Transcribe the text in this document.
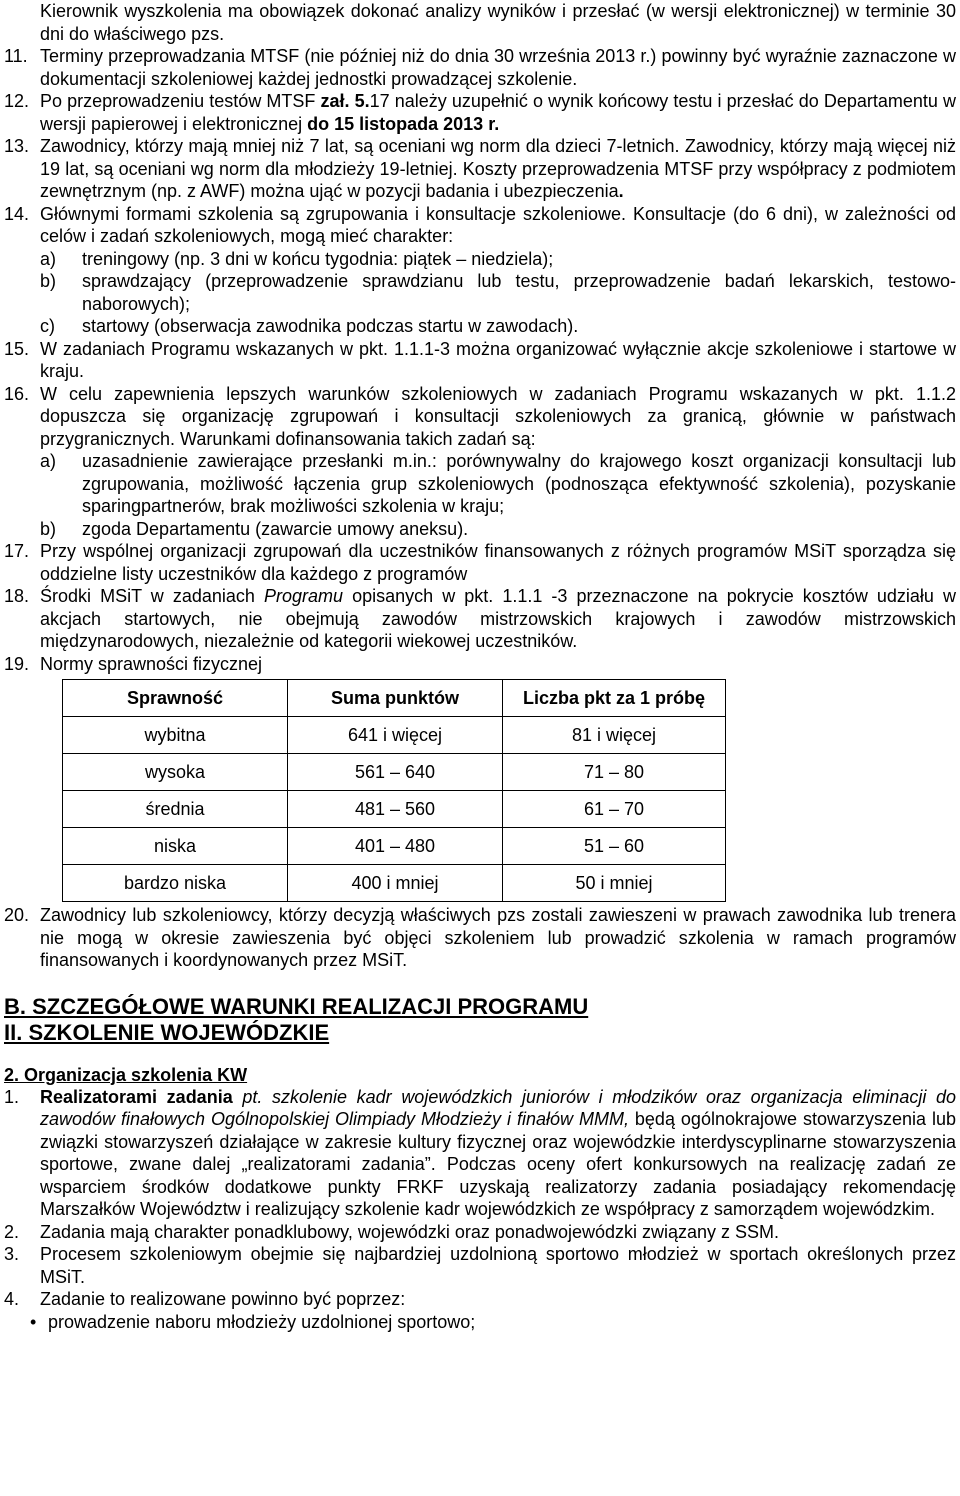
Kierownik wyszkolenia ma obowiązek dokonać analizy wyników i przesłać (w wersji elektronicznej) w terminie 30 dni do właściwego pzs.

11. Terminy przeprowadzania MTSF (nie później niż do dnia 30 września 2013 r.) powinny być wyraźnie zaznaczone w dokumentacji szkoleniowej każdej jednostki prowadzącej szkolenie.

12. Po przeprowadzeniu testów MTSF zał. 5.17 należy uzupełnić o wynik końcowy testu i przesłać do Departamentu w wersji papierowej i elektronicznej do 15 listopada 2013 r.

13. Zawodnicy, którzy mają mniej niż 7 lat, są oceniani wg norm dla dzieci 7-letnich. Zawodnicy, którzy mają więcej niż 19 lat, są oceniani wg norm dla młodzieży 19-letniej. Koszty przeprowadzenia MTSF przy współpracy z podmiotem zewnętrznym (np. z AWF) można ująć w pozycji badania i ubezpieczenia.

14. Głównymi formami szkolenia są zgrupowania i konsultacje szkoleniowe. Konsultacje (do 6 dni), w zależności od celów i zadań szkoleniowych, mogą mieć charakter:

a) treningowy (np. 3 dni w końcu tygodnia: piątek – niedziela);

b) sprawdzający (przeprowadzenie sprawdzianu lub testu, przeprowadzenie badań lekarskich, testowo-naborowych);

c) startowy (obserwacja zawodnika podczas startu w zawodach).

15. W zadaniach Programu wskazanych w pkt. 1.1.1-3 można organizować wyłącznie akcje szkoleniowe i startowe w kraju.

16. W celu zapewnienia lepszych warunków szkoleniowych w zadaniach Programu wskazanych w pkt. 1.1.2 dopuszcza się organizację zgrupowań i konsultacji szkoleniowych za granicą, głównie w państwach przygranicznych. Warunkami dofinansowania takich zadań są:

a) uzasadnienie zawierające przesłanki m.in.: porównywalny do krajowego koszt organizacji konsultacji lub zgrupowania, możliwość łączenia grup szkoleniowych (podnosząca efektywność szkolenia), pozyskanie sparingpartnerów, brak możliwości szkolenia w kraju;

b) zgoda Departamentu (zawarcie umowy aneksu).

17. Przy wspólnej organizacji zgrupowań dla uczestników finansowanych z różnych programów MSiT sporządza się oddzielne listy uczestników dla każdego z programów

18. Środki MSiT w zadaniach Programu opisanych w pkt. 1.1.1 -3 przeznaczone na pokrycie kosztów udziału w akcjach startowych, nie obejmują zawodów mistrzowskich krajowych i zawodów mistrzowskich międzynarodowych, niezależnie od kategorii wiekowej uczestników.

19. Normy sprawności fizycznej

Sprawność	Suma punktów	Liczba pkt za 1 próbę
wybitna	641 i więcej	81 i więcej
wysoka	561 – 640	71 – 80
średnia	481 – 560	61 – 70
niska	401 – 480	51 – 60
bardzo niska	400 i mniej	50 i mniej

20. Zawodnicy lub szkoleniowcy, którzy decyzją właściwych pzs zostali zawieszeni w prawach zawodnika lub trenera nie mogą w okresie zawieszenia być objęci szkoleniem lub prowadzić szkolenia w ramach programów finansowanych i koordynowanych przez MSiT.

B. SZCZEGÓŁOWE WARUNKI REALIZACJI PROGRAMU
II. SZKOLENIE WOJEWÓDZKIE
2. Organizacja szkolenia KW

1. Realizatorami zadania pt. szkolenie kadr wojewódzkich juniorów i młodzików oraz organizacja eliminacji do zawodów finałowych Ogólnopolskiej Olimpiady Młodzieży i finałów MMM, będą ogólnokrajowe stowarzyszenia lub związki stowarzyszeń działające w zakresie kultury fizycznej oraz wojewódzkie interdyscyplinarne stowarzyszenia sportowe, zwane dalej „realizatorami zadania”. Podczas oceny ofert konkursowych na realizację zadań ze wsparciem środków dodatkowe punkty FRKF uzyskają realizatorzy zadania posiadający rekomendację Marszałków Województw i realizujący szkolenie kadr wojewódzkich ze współpracy z samorządem wojewódzkim.

2. Zadania mają charakter ponadklubowy, wojewódzki oraz ponadwojewódzki związany z SSM.

3. Procesem szkoleniowym obejmie się najbardziej uzdolnioną sportowo młodzież w sportach określonych przez MSiT.

4. Zadanie to realizowane powinno być poprzez:

• prowadzenie naboru młodzieży uzdolnionej sportowo;
